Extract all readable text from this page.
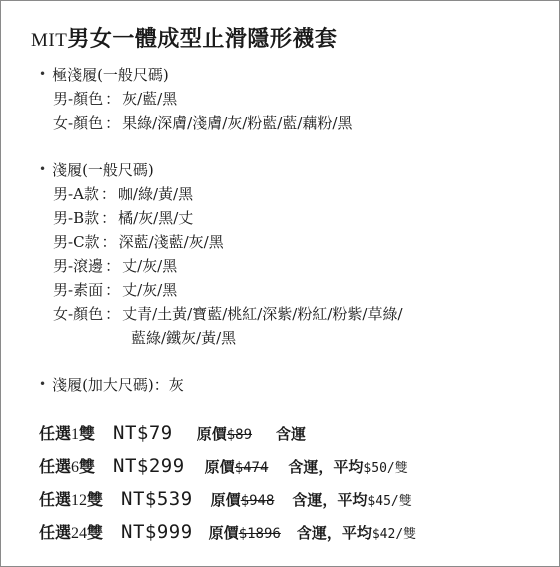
MIT男女一體成型止滑隱形襪套
• 極淺履(一般尺碼)
男-顏色 ： 灰/藍/黑
女-顏色 ： 果綠/深膚/淺膚/灰/粉藍/藍/藕粉/黑
• 淺履(一般尺碼)
男-A款 ： 咖/綠/黃/黑
男-B款 ： 橘/灰/黑/丈
男-C款 ： 深藍/淺藍/灰/黑
男-滾邊 ： 丈/灰/黑
男-素面 ： 丈/灰/黑
女-顏色 ： 丈青/土黃/寶藍/桃紅/深紫/粉紅/粉紫/草綠/
藍綠/鐵灰/黃/黑
• 淺履(加大尺碼)：灰
任選1雙 NT$79 原價$89 含運
任選6雙 NT$299 原價$474 含運，平均$50/雙
任選12雙 NT$539 原價$948 含運，平均$45/雙
任選24雙 NT$999 原價$1896 含運，平均$42/雙
